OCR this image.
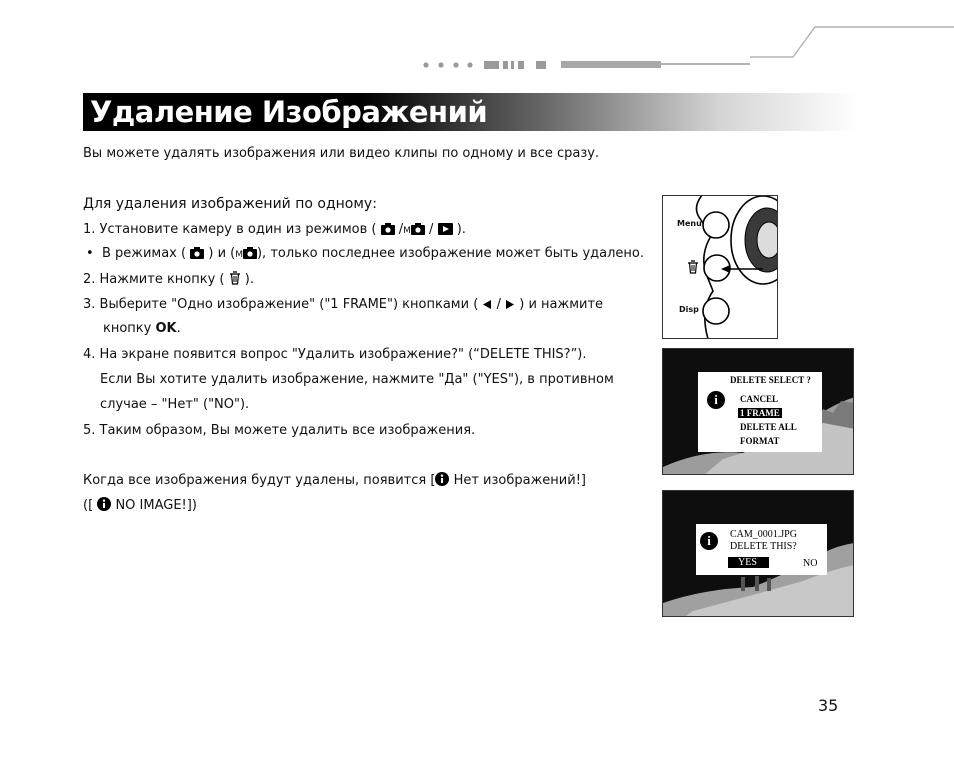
Удаление Изображений
Вы можете удалять изображения или видео клипы по одному и все сразу.
Для удаления изображений по одному:
1. Установите камеру в один из режимов ( /M / ).
• В режимах ( ) и (M ), только последнее изображение может быть удалено.
2. Нажмите кнопку ( ).
3. Выберите "Одно изображение" ("1 FRAME") кнопками ( / ) и нажмите
кнопку OK.
4. На экране появится вопрос "Удалить изображение?" (“DELETE THIS?”).
Если Вы хотите удалить изображение, нажмите "Да" ("YES"), в противном
случае – "Нет" ("NO").
5. Таким образом, Вы можете удалить все изображения.
Когда все изображения будут удалены, появится [ Нет изображений!]
([ NO IMAGE!])
Menu
Disp
DELETE SELECT ?
i	CANCEL
1 FRAME
DELETE ALL
FORMAT
i	CAM_0001.JPG
DELETE THIS?
YES	NO
35
